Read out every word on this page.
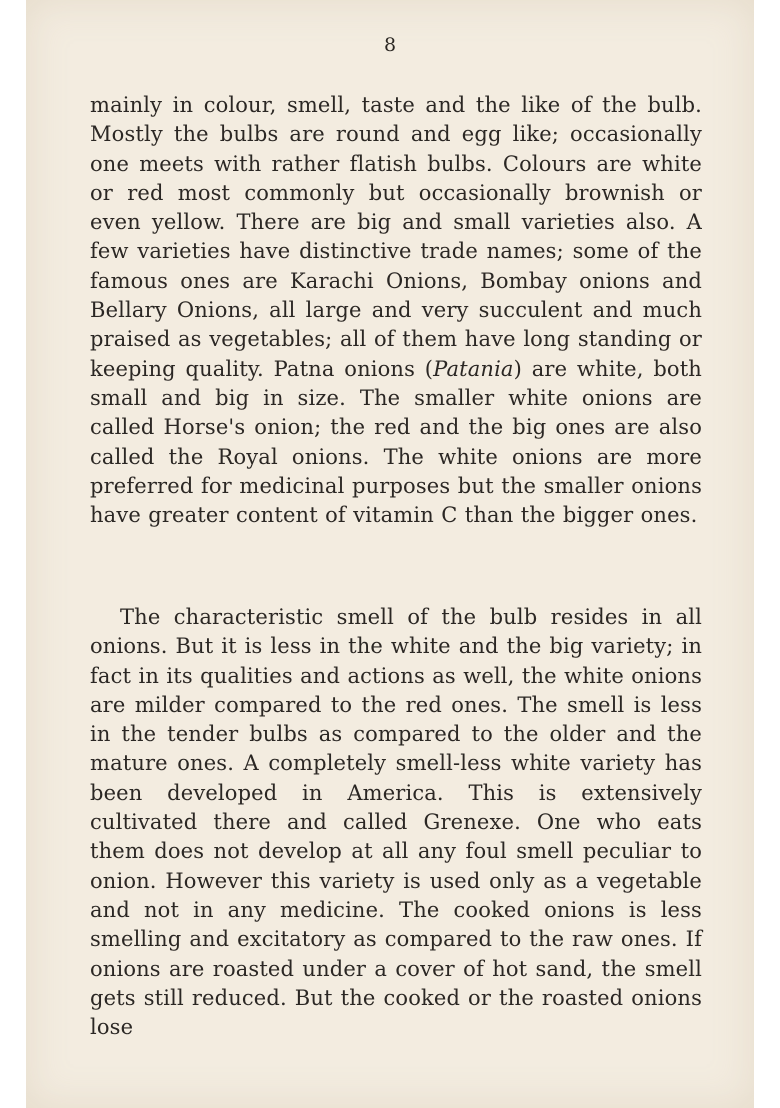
8
mainly in colour, smell, taste and the like of the bulb. Mostly the bulbs are round and egg like; occasionally one meets with rather flatish bulbs. Colours are white or red most commonly but occasionally brownish or even yellow. There are big and small varieties also. A few varieties have distinctive trade names; some of the famous ones are Karachi Onions, Bombay onions and Bellary Onions, all large and very succulent and much praised as vegetables; all of them have long standing or keeping quality. Patna onions (Patania) are white, both small and big in size. The smaller white onions are called Horse's onion; the red and the big ones are also called the Royal onions. The white onions are more preferred for medicinal purposes but the smaller onions have greater content of vitamin C than the bigger ones.
The characteristic smell of the bulb resides in all onions. But it is less in the white and the big variety; in fact in its qualities and actions as well, the white onions are milder compared to the red ones. The smell is less in the tender bulbs as compared to the older and the mature ones. A completely smell-less white variety has been developed in America. This is extensively cultivated there and called Grenexe. One who eats them does not develop at all any foul smell peculiar to onion. However this variety is used only as a vegetable and not in any medicine. The cooked onions is less smelling and excitatory as compared to the raw ones. If onions are roasted under a cover of hot sand, the smell gets still reduced. But the cooked or the roasted onions lose
